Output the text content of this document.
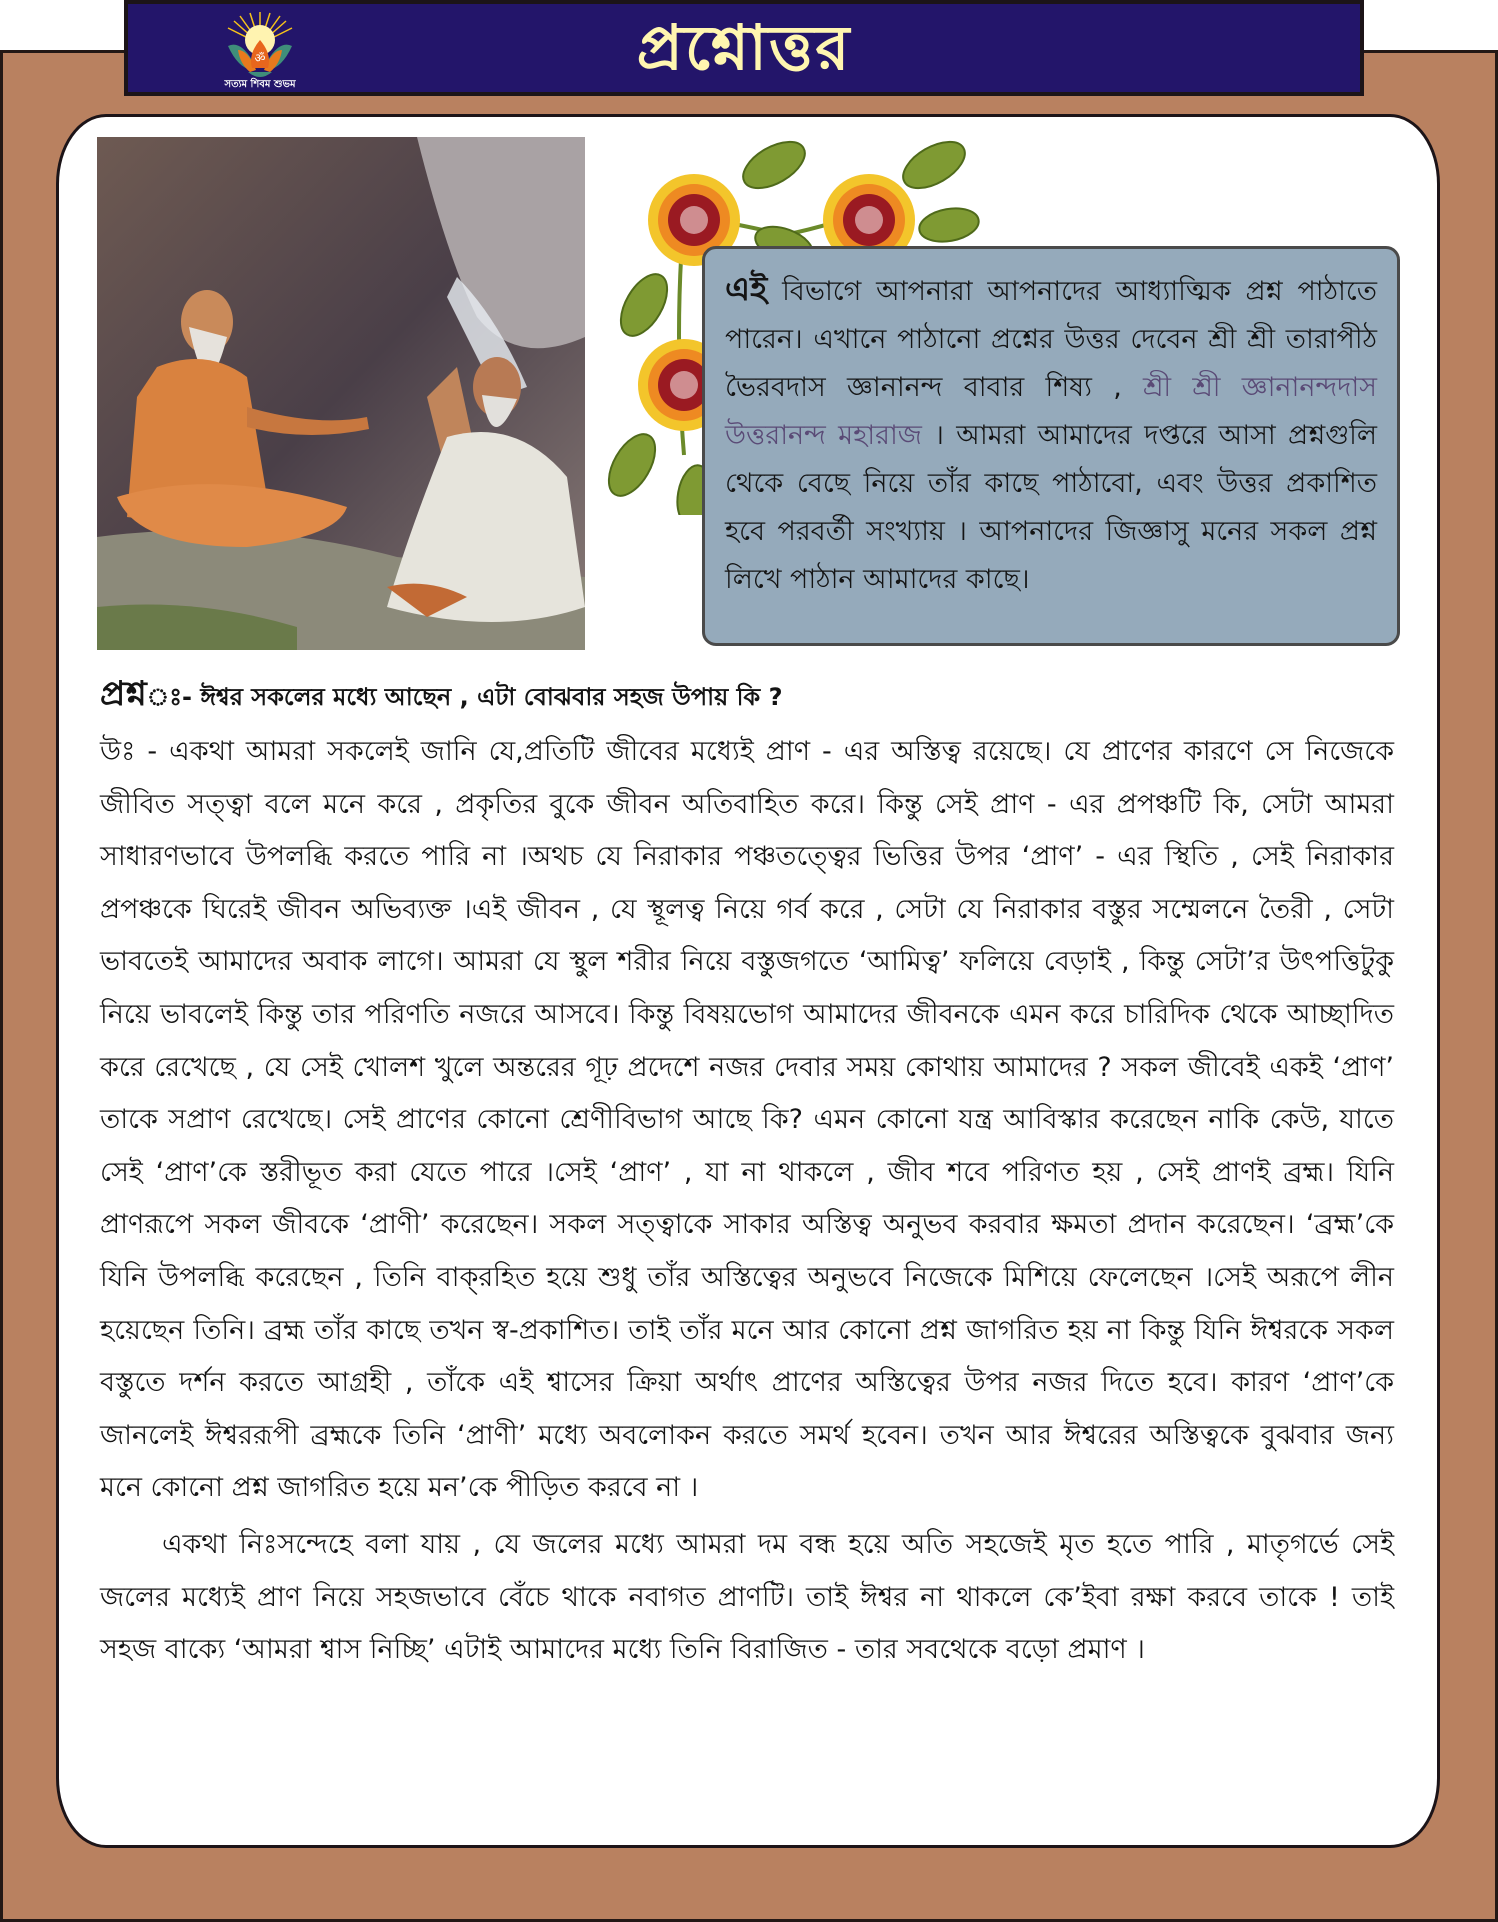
ॐ
সত্যম শিবম শুভম
প্রশ্নোত্তর
এই বিভাগে আপনারা আপনাদের আধ্যাত্মিক প্রশ্ন পাঠাতে পারেন। এখানে পাঠানো প্রশ্নের উত্তর দেবেন শ্রী শ্রী তারাপীঠ ভৈরবদাস জ্ঞানানন্দ বাবার শিষ্য , শ্রী শ্রী জ্ঞানানন্দদাস উত্তরানন্দ মহারাজ । আমরা আমাদের দপ্তরে আসা প্রশ্নগুলি থেকে বেছে নিয়ে তাঁর কাছে পাঠাবো, এবং উত্তর প্রকাশিত হবে পরবর্তী সংখ্যায় । আপনাদের জিজ্ঞাসু মনের সকল প্রশ্ন লিখে পাঠান আমাদের কাছে।
প্রশ্নঃ- ঈশ্বর সকলের মধ্যে আছেন , এটা বোঝবার সহজ উপায় কি ?

উঃ - একথা আমরা সকলেই জানি যে,প্রতিটি জীবের মধ্যেই প্রাণ - এর অস্তিত্ব রয়েছে। যে প্রাণের কারণে সে নিজেকে জীবিত সত্ত্বা বলে মনে করে , প্রকৃতির বুকে জীবন অতিবাহিত করে। কিন্তু সেই প্রাণ - এর প্রপঞ্চটি কি, সেটা আমরা সাধারণভাবে উপলব্ধি করতে পারি না ।অথচ যে নিরাকার পঞ্চতত্ত্বের ভিত্তির উপর ‘প্রাণ’ - এর স্থিতি , সেই নিরাকার প্রপঞ্চকে ঘিরেই জীবন অভিব্যক্ত ।এই জীবন , যে স্থূলত্ব নিয়ে গর্ব করে , সেটা যে নিরাকার বস্তুর সম্মেলনে তৈরী , সেটা ভাবতেই আমাদের অবাক লাগে। আমরা যে স্থুল শরীর নিয়ে বস্তুজগতে ‘আমিত্ব’ ফলিয়ে বেড়াই , কিন্তু সেটা’র উৎপত্তিটুকু নিয়ে ভাবলেই কিন্তু তার পরিণতি নজরে আসবে। কিন্তু বিষয়ভোগ আমাদের জীবনকে এমন করে চারিদিক থেকে আচ্ছাদিত করে রেখেছে , যে সেই খোলশ খুলে অন্তরের গূঢ় প্রদেশে নজর দেবার সময় কোথায় আমাদের ? সকল জীবেই একই ‘প্রাণ’ তাকে সপ্রাণ রেখেছে। সেই প্রাণের কোনো শ্রেণীবিভাগ আছে কি? এমন কোনো যন্ত্র আবিস্কার করেছেন নাকি কেউ, যাতে সেই ‘প্রাণ’কে স্তরীভূত করা যেতে পারে ।সেই ‘প্রাণ’ , যা না থাকলে , জীব শবে পরিণত হয় , সেই প্রাণই ব্রহ্ম। যিনি প্রাণরূপে সকল জীবকে ‘প্রাণী’ করেছেন। সকল সত্ত্বাকে সাকার অস্তিত্ব অনুভব করবার ক্ষমতা প্রদান করেছেন। ‘ব্রহ্ম’কে যিনি উপলব্ধি করেছেন , তিনি বাক্‌রহিত হয়ে শুধু তাঁর অস্তিত্বের অনুভবে নিজেকে মিশিয়ে ফেলেছেন ।সেই অরূপে লীন হয়েছেন তিনি। ব্রহ্ম তাঁর কাছে তখন স্ব-প্রকাশিত। তাই তাঁর মনে আর কোনো প্রশ্ন জাগরিত হয় না কিন্তু যিনি ঈশ্বরকে সকল বস্তুতে দর্শন করতে আগ্রহী , তাঁকে এই শ্বাসের ক্রিয়া অর্থাৎ প্রাণের অস্তিত্বের উপর নজর দিতে হবে। কারণ ‘প্রাণ’কে জানলেই ঈশ্বররূপী ব্রহ্মকে তিনি ‘প্রাণী’ মধ্যে অবলোকন করতে সমর্থ হবেন। তখন আর ঈশ্বরের অস্তিত্বকে বুঝবার জন্য মনে কোনো প্রশ্ন জাগরিত হয়ে মন’কে পীড়িত করবে না ।

একথা নিঃসন্দেহে বলা যায় , যে জলের মধ্যে আমরা দম বন্ধ হয়ে অতি সহজেই মৃত হতে পারি , মাতৃগর্ভে সেই জলের মধ্যেই প্রাণ নিয়ে সহজভাবে বেঁচে থাকে নবাগত প্রাণটি। তাই ঈশ্বর না থাকলে কে’ইবা রক্ষা করবে তাকে ! তাই সহজ বাক্যে ‘আমরা শ্বাস নিচ্ছি’ এটাই আমাদের মধ্যে তিনি বিরাজিত - তার সবথেকে বড়ো প্রমাণ ।
